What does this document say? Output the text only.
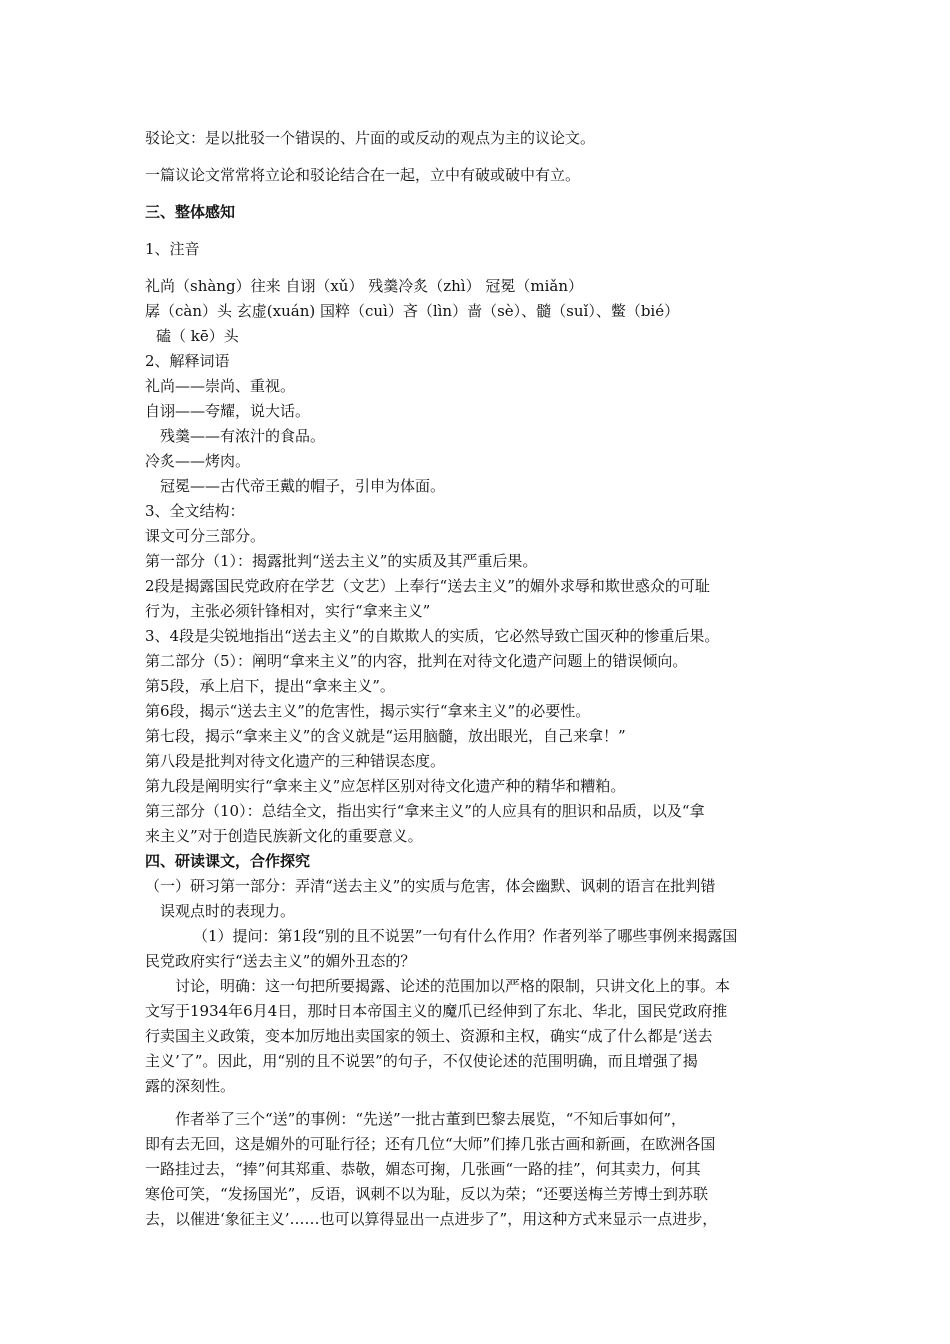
驳论文：是以批驳一个错误的、片面的或反动的观点为主的议论文。
一篇议论文常常将立论和驳论结合在一起，立中有破或破中有立。
三、整体感知
1、注音
礼尚（shàng）往来 自诩（xǔ） 残羹冷炙（zhì） 冠冕（miǎn）
孱（càn）头 玄虚(xuán) 国粹（cuì）吝（lìn）啬（sè）、髓（suǐ）、鳖（bié）
磕（ kē）头
2、解释词语
礼尚——崇尚、重视。
自诩——夸耀，说大话。
残羹——有浓汁的食品。
冷炙——烤肉。
冠冕——古代帝王戴的帽子，引申为体面。
3、全文结构：
课文可分三部分。
第一部分（1）：揭露批判“送去主义”的实质及其严重后果。
2段是揭露国民党政府在学艺（文艺）上奉行“送去主义”的媚外求辱和欺世惑众的可耻
行为，主张必须针锋相对，实行“拿来主义”
3、4段是尖锐地指出“送去主义”的自欺欺人的实质，它必然导致亡国灭种的惨重后果。
第二部分（5）：阐明“拿来主义”的内容，批判在对待文化遗产问题上的错误倾向。
第5段，承上启下，提出“拿来主义”。
第6段，揭示“送去主义”的危害性，揭示实行“拿来主义”的必要性。
第七段，揭示“拿来主义”的含义就是“运用脑髓，放出眼光，自己来拿！”
第八段是批判对待文化遗产的三种错误态度。
第九段是阐明实行“拿来主义”应怎样区别对待文化遗产种的精华和糟粕。
第三部分（10）：总结全文，指出实行“拿来主义”的人应具有的胆识和品质，以及“拿
来主义”对于创造民族新文化的重要意义。
四、研读课文，合作探究
（一）研习第一部分：弄清“送去主义”的实质与危害，体会幽默、讽刺的语言在批判错
误观点时的表现力。
（1）提问：第1段“别的且不说罢”一句有什么作用？作者列举了哪些事例来揭露国
民党政府实行“送去主义”的媚外丑态的？
讨论，明确：这一句把所要揭露、论述的范围加以严格的限制，只讲文化上的事。本
文写于1934年6月4日，那时日本帝国主义的魔爪已经伸到了东北、华北，国民党政府推
行卖国主义政策，变本加厉地出卖国家的领土、资源和主权，确实“成了什么都是‘送去
主义’了”。因此，用“别的且不说罢”的句子，不仅使论述的范围明确，而且增强了揭
露的深刻性。
作者举了三个“送”的事例：“先送”一批古董到巴黎去展览，“不知后事如何”，
即有去无回，这是媚外的可耻行径；还有几位“大师”们捧几张古画和新画，在欧洲各国
一路挂过去，“捧”何其郑重、恭敬，媚态可掬，几张画“一路的挂”，何其卖力，何其
寒伧可笑，“发扬国光”，反语，讽刺不以为耻，反以为荣；“还要送梅兰芳博士到苏联
去，以催进‘象征主义’……也可以算得显出一点进步了”，用这种方式来显示一点进步，
